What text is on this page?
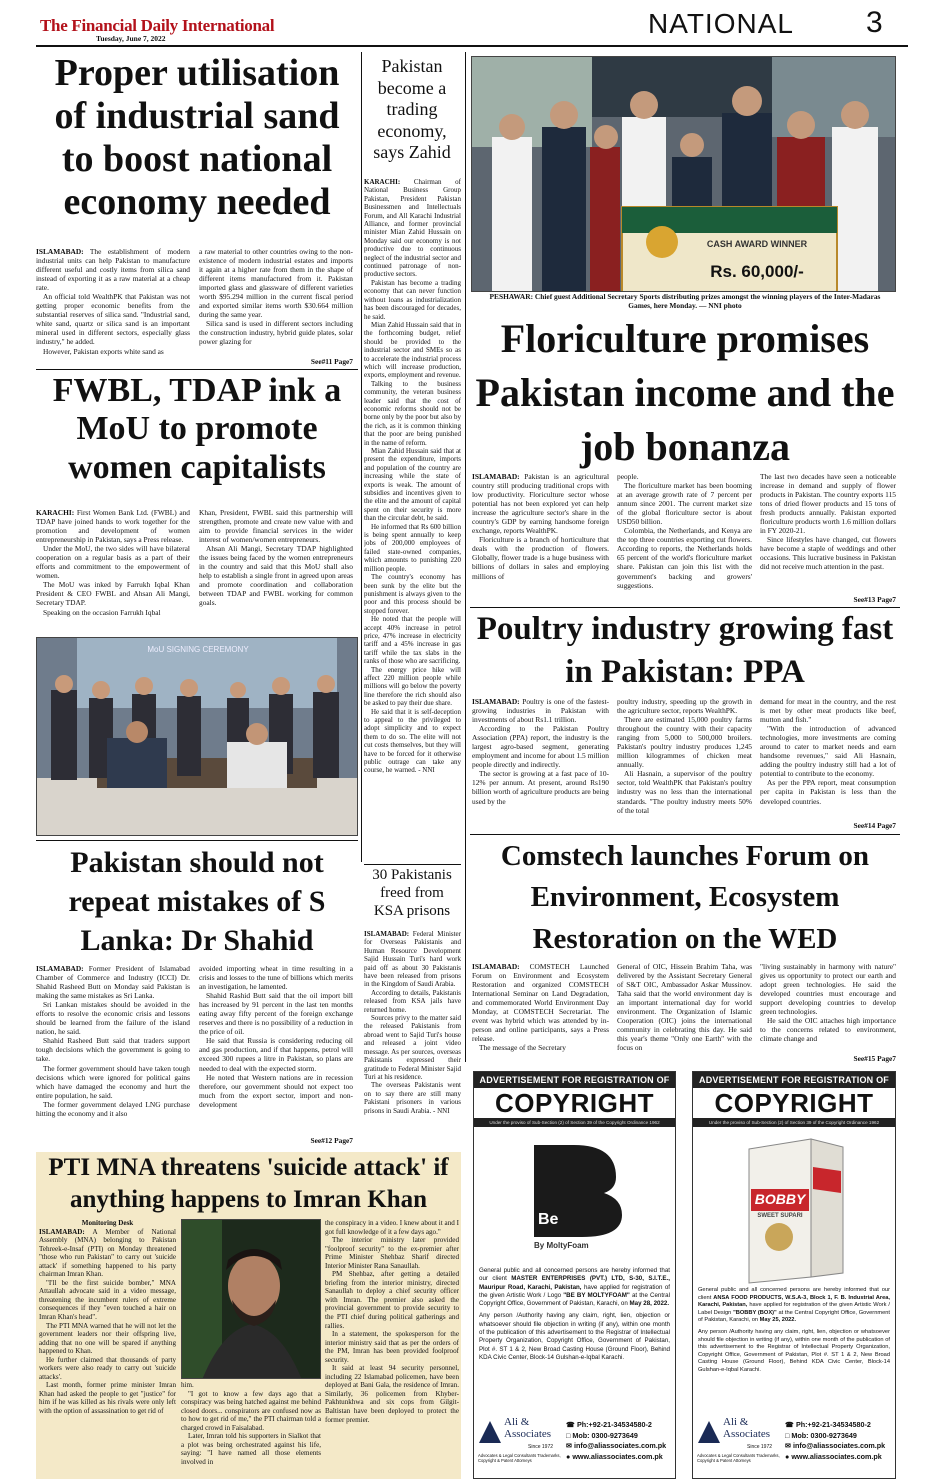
The Financial Daily International
Tuesday, June 7, 2022	NATIONAL	3
Proper utilisation of industrial sand to boost national economy needed

ISLAMABAD: The establishment of modern industrial units can help Pakistan to manufacture different useful and costly items from silica sand instead of exporting it as a raw material at a cheap rate.

An official told WealthPK that Pakistan was not getting proper economic benefits from the substantial reserves of silica sand. "Industrial sand, white sand, quartz or silica sand is an important mineral used in different sectors, especially glass industry," he added.

However, Pakistan exports white sand as

a raw material to other countries owing to the non-existence of modern industrial estates and imports it again at a higher rate from them in the shape of different items manufactured from it. Pakistan imported glass and glassware of different varieties worth $95.294 million in the current fiscal period and exported similar items worth $30.664 million during the same year.

Silica sand is used in different sectors including the construction industry, hybrid guide plates, solar power glazing for

See#11 Page7
FWBL, TDAP ink a MoU to promote women capitalists

KARACHI: First Women Bank Ltd. (FWBL) and TDAP have joined hands to work together for the promotion and development of women entrepreneurship in Pakistan, says a Press release.

Under the MoU, the two sides will have bilateral cooperation on a regular basis as a part of their efforts and commitment to the empowerment of women.

The MoU was inked by Farrukh Iqbal Khan President & CEO FWBL and Ahsan Ali Mangi, Secretary TDAP.

Speaking on the occasion Farrukh Iqbal

Khan, President, FWBL said this partnership will strengthen, promote and create new value with and aim to provide financial services in the wider interest of women/women entrepreneurs.

Ahsan Ali Mangi, Secretary TDAP highlighted the issues being faced by the women entrepreneurs in the country and said that this MoU shall also help to establish a single front in agreed upon areas and promote coordination and collaboration between TDAP and FWBL working for common goals.

MoU SIGNING CEREMONY
Pakistan become a trading economy, says Zahid

KARACHI: Chairman of National Business Group Pakistan, President Pakistan Businessmen and Intellectuals Forum, and All Karachi Industrial Alliance, and former provincial minister Mian Zahid Hussain on Monday said our economy is not productive due to continuous neglect of the industrial sector and continued patronage of non-productive sectors.

Pakistan has become a trading economy that can never function without loans as industrialization has been discouraged for decades, he said.

Mian Zahid Hussain said that in the forthcoming budget, relief should be provided to the industrial sector and SMEs so as to accelerate the industrial process which will increase production, exports, employment and revenue.

Talking to the business community, the veteran business leader said that the cost of economic reforms should not be borne only by the poor but also by the rich, as it is common thinking that the poor are being punished in the name of reform.

Mian Zahid Hussain said that at present the expenditure, imports and population of the country are increasing while the state of exports is weak. The amount of subsidies and incentives given to the elite and the amount of capital spent on their security is more than the circular debt, he said.

He informed that Rs 600 billion is being spent annually to keep jobs of 200,000 employees of failed state-owned companies, which amounts to punishing 220 million people.

The country's economy has been sunk by the elite but the punishment is always given to the poor and this process should be stopped forever.

He noted that the people will accept 40% increase in petrol price, 47% increase in electricity tariff and a 45% increase in gas tariff while the tax slabs in the ranks of those who are sacrificing.

The energy price hike will affect 220 million people while millions will go below the poverty line therefore the rich should also be asked to pay their due share.

He said that it is self-deception to appeal to the privileged to adopt simplicity and to expect them to do so. The elite will not cut costs themselves, but they will have to be forced for it otherwise public outrage can take any course, he warned. - NNI

30 Pakistanis freed from KSA prisons

ISLAMABAD: Federal Minister for Overseas Pakistanis and Human Resource Development Sajid Hussain Turi's hard work paid off as about 30 Pakistanis have been released from prisons in the Kingdom of Saudi Arabia.

According to details, Pakistanis released from KSA jails have returned home.

Sources privy to the matter said the released Pakistanis from abroad went to Sajid Turi's house and released a joint video message. As per sources, overseas Pakistanis expressed their gratitude to Federal Minister Sajid Turi at his residence.

The overseas Pakistanis went on to say there are still many Pakistani prisoners in various prisons in Saudi Arabia. - NNI

Pakistan should not repeat mistakes of S Lanka: Dr Shahid

ISLAMABAD: Former President of Islamabad Chamber of Commerce and Industry (ICCI) Dr. Shahid Rasheed Butt on Monday said Pakistan is making the same mistakes as Sri Lanka.

Sri Lankan mistakes should be avoided in the efforts to resolve the economic crisis and lessons should be learned from the failure of the island nation, he said.

Shahid Rasheed Butt said that traders support tough decisions which the government is going to take.

The former government should have taken tough decisions which were ignored for political gains which have damaged the economy and hurt the entire population, he said.

The former government delayed LNG purchase hitting the economy and it also

avoided importing wheat in time resulting in a crisis and losses to the tune of billions which merits an investigation, he lamented.

Shahid Rashid Butt said that the oil import bill has increased by 91 percent in the last ten months eating away fifty percent of the foreign exchange reserves and there is no possibility of a reduction in the price of oil.

He said that Russia is considering reducing oil and gas production, and if that happens, petrol will exceed 300 rupees a litre in Pakistan, so plans are needed to deal with the expected storm.

He noted that Western nations are in recession therefore, our government should not expect too much from the export sector, import and non-development

See#12 Page7
PTI MNA threatens 'suicide attack' if anything happens to Imran Khan

Monitoring Desk

ISLAMABAD: A Member of National Assembly (MNA) belonging to Pakistan Tehreek-e-Insaf (PTI) on Monday threatened "those who run Pakistan" to carry out 'suicide attack' if something happened to his party chairman Imran Khan.

"I'll be the first suicide bomber," MNA Attaullah advocate said in a video message, threatening the incumbent rulers of extreme consequences if they "even touched a hair on Imran Khan's head".

The PTI MNA warned that he will not let the government leaders nor their offspring live, adding that no one will be spared if anything happened to Khan.

He further claimed that thousands of party workers were also ready to carry out 'suicide attacks'.

Last month, former prime minister Imran Khan had asked the people to get "justice" for him if he was killed as his rivals were only left with the option of assassination to get rid of

him.

"I got to know a few days ago that a conspiracy was being hatched against me behind closed doors... conspirators are confused now as to how to get rid of me," the PTI chairman told a charged crowd in Faisalabad.

Later, Imran told his supporters in Sialkot that a plot was being orchestrated against his life, saying: "I have named all those elements involved in

the conspiracy in a video. I knew about it and I got full knowledge of it a few days ago."

The interior ministry later provided "foolproof security" to the ex-premier after Prime Minister Shehbaz Sharif directed Interior Minister Rana Sanaullah.

PM Shehbaz, after getting a detailed briefing from the interior ministry, directed Sanaullah to deploy a chief security officer with Imran. The premier also asked the provincial government to provide security to the PTI chief during political gatherings and rallies.

In a statement, the spokesperson for the interior ministry said that as per the orders of the PM, Imran has been provided foolproof security.

It said at least 94 security personnel, including 22 Islamabad policemen, have been deployed at Bani Gala, the residence of Imran. Similarly, 36 policemen from Khyber-Pakhtunkhwa and six cops from Gilgit-Baltistan have been deployed to protect the former premier.

CASH AWARD WINNER
Rs. 60,000/-
PESHAWAR: Chief guest Additional Secretary Sports distributing prizes amongst the winning players of the Inter-Madaras Games, here Monday. — NNI photo
Floriculture promises Pakistan income and the job bonanza

ISLAMABAD: Pakistan is an agricultural country still producing traditional crops with low productivity. Floriculture sector whose potential has not been explored yet can help increase the agriculture sector's share in the country's GDP by earning handsome foreign exchange, reports WealthPK.

Floriculture is a branch of horticulture that deals with the production of flowers. Globally, flower trade is a huge business with billions of dollars in sales and employing millions of

people.

The floriculture market has been booming at an average growth rate of 7 percent per annum since 2001. The current market size of the global floriculture sector is about USD50 billion.

Colombia, the Netherlands, and Kenya are the top three countries exporting cut flowers. According to reports, the Netherlands holds 65 percent of the world's floriculture market share. Pakistan can join this list with the government's backing and growers' suggestions.

The last two decades have seen a noticeable increase in demand and supply of flower products in Pakistan. The country exports 115 tons of dried flower products and 15 tons of fresh products annually. Pakistan exported floriculture products worth 1.6 million dollars in FY 2020-21.

Since lifestyles have changed, cut flowers have become a staple of weddings and other occasions. This lucrative business in Pakistan did not receive much attention in the past.

See#13 Page7
Poultry industry growing fast in Pakistan: PPA

ISLAMABAD: Poultry is one of the fastest-growing industries in Pakistan with investments of about Rs1.1 trillion.

According to the Pakistan Poultry Association (PPA) report, the industry is the largest agro-based segment, generating employment and income for about 1.5 million people directly and indirectly.

The sector is growing at a fast pace of 10-12% per annum. At present, around Rs190 billion worth of agriculture products are being used by the

poultry industry, speeding up the growth in the agriculture sector, reports WealthPK.

There are estimated 15,000 poultry farms throughout the country with their capacity ranging from 5,000 to 500,000 broilers. Pakistan's poultry industry produces 1,245 million kilogrammes of chicken meat annually.

Ali Hasnain, a supervisor of the poultry sector, told WealthPK that Pakistan's poultry industry was no less than the international standards. "The poultry industry meets 50% of the total

demand for meat in the country, and the rest is met by other meat products like beef, mutton and fish."

"With the introduction of advanced technologies, more investments are coming around to cater to market needs and earn handsome revenues," said Ali Hasnain, adding the poultry industry still had a lot of potential to contribute to the economy.

As per the PPA report, meat consumption per capita in Pakistan is less than the developed countries.

See#14 Page7
Comstech launches Forum on Environment, Ecosystem Restoration on the WED

ISLAMABAD: COMSTECH Launched Forum on Environment and Ecosystem Restoration and organized COMSTECH International Seminar on Land Degradation, and commemorated World Environment Day Monday, at COMSTECH Secretariat. The event was hybrid which was attended by in-person and online participants, says a Press release.

The message of the Secretary

General of OIC, Hissein Brahim Taha, was delivered by the Assistant Secretary General of S&T OIC, Ambassador Askar Mussinov. Taha said that the world environment day is an important international day for world environment. The Organization of Islamic Cooperation (OIC) joins the international community in celebrating this day. He said this year's theme "Only one Earth" with the focus on

"living sustainably in harmony with nature" gives us opportunity to protect our earth and adopt green technologies. He said the developed countries must encourage and support developing countries to develop green technologies.

He said the OIC attaches high importance to the concerns related to environment, climate change and

See#15 Page7
ADVERTISEMENT FOR REGISTRATION OF
COPYRIGHT
Under the proviso of Sub-Section (2) of Section 39 of the Copyright Ordinance 1962
Be
By MoltyFoam
General public and all concerned persons are hereby informed that our client MASTER ENTERPRISES (PVT.) LTD, S-30, S.I.T.E., Mauripur Road, Karachi, Pakistan, have applied for registration of the given Artistic Work / Logo "BE BY MOLTYFOAM" at the Central Copyright Office, Government of Pakistan, Karachi, on May 28, 2022.
Any person /Authority having any claim, right, lien, objection or whatsoever should file objection in writing (if any), within one month of the publication of this advertisement to the Registrar of Intellectual Property Organization, Copyright Office, Government of Pakistan, Plot #. ST 1 & 2, New Broad Casting House (Ground Floor), Behind KDA Civic Center, Block-14 Gulshan-e-Iqbal Karachi.
Ali & Associates
Since 1972
Advocates & Legal Consultants Trademarks, Copyright & Patent Attorneys
☎ Ph:+92-21-34534580-2
□ Mob: 0300-9273649
✉ info@aliassociates.com.pk
● www.aliassociates.com.pk
ADVERTISEMENT FOR REGISTRATION OF
COPYRIGHT
Under the proviso of Sub-Section (2) of Section 39 of the Copyright Ordinance 1962
BOBBY
SWEET SUPARI
General public and all concerned persons are hereby informed that our client ANSA FOOD PRODUCTS, W.S.A-3, Block 1, F. B. Industrial Area, Karachi, Pakistan, have applied for registration of the given Artistic Work / Label Design "BOBBY (BOX)" at the Central Copyright Office, Government of Pakistan, Karachi, on May 25, 2022.
Any person /Authority having any claim, right, lien, objection or whatsoever should file objection in writing (if any), within one month of the publication of this advertisement to the Registrar of Intellectual Property Organization, Copyright Office, Government of Pakistan, Plot #. ST 1 & 2, New Broad Casting House (Ground Floor), Behind KDA Civic Center, Block-14 Gulshan-e-Iqbal Karachi.
Ali & Associates
Since 1972
Advocates & Legal Consultants Trademarks, Copyright & Patent Attorneys
☎ Ph:+92-21-34534580-2
□ Mob: 0300-9273649
✉ info@aliassociates.com.pk
● www.aliassociates.com.pk
